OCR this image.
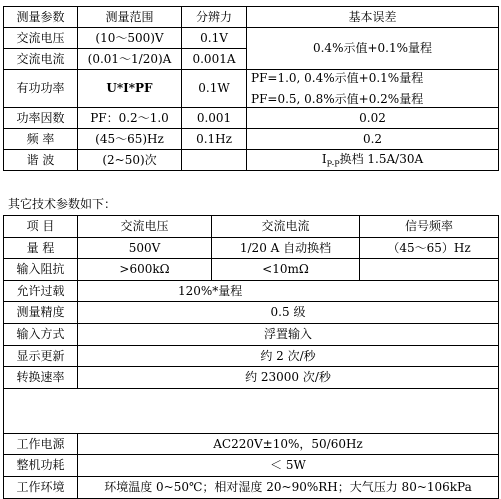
测量参数	测量范围	分辨力	基本误差
交流电压	(10～500)V	0.1V	0.4%示值+0.1%量程
交流电流	(0.01～1/20)A	0.001A	
有功功率	U*I*PF	0.1W	PF=1.0, 0.4%示值+0.1%量程
PF=0.5, 0.8%示值+0.2%量程

功率因数	PF：0.2～1.0	0.001	0.02
频 率	(45～65)Hz	0.1Hz	0.2
谐 波	(2~50)次		$I_{P-P}$换档 1.5A/30A
其它技术参数如下：
项 目	交流电压	交流电流	信号频率
量 程	500V	1/20 A 自动换档	（45～65）Hz
输入阻抗	>600kΩ	<10mΩ	
允许过载	120%*量程		
测量精度	0.5 级		
输入方式	浮置输入		
显示更新	约 2 次/秒		
转换速率	约 23000 次/秒		

工作电源	AC220V±10%，50/60Hz		
整机功耗	＜ 5W		
工作环境	环境温度 0~50℃；相对湿度 20~90%RH；大气压力 80~106kPa		
